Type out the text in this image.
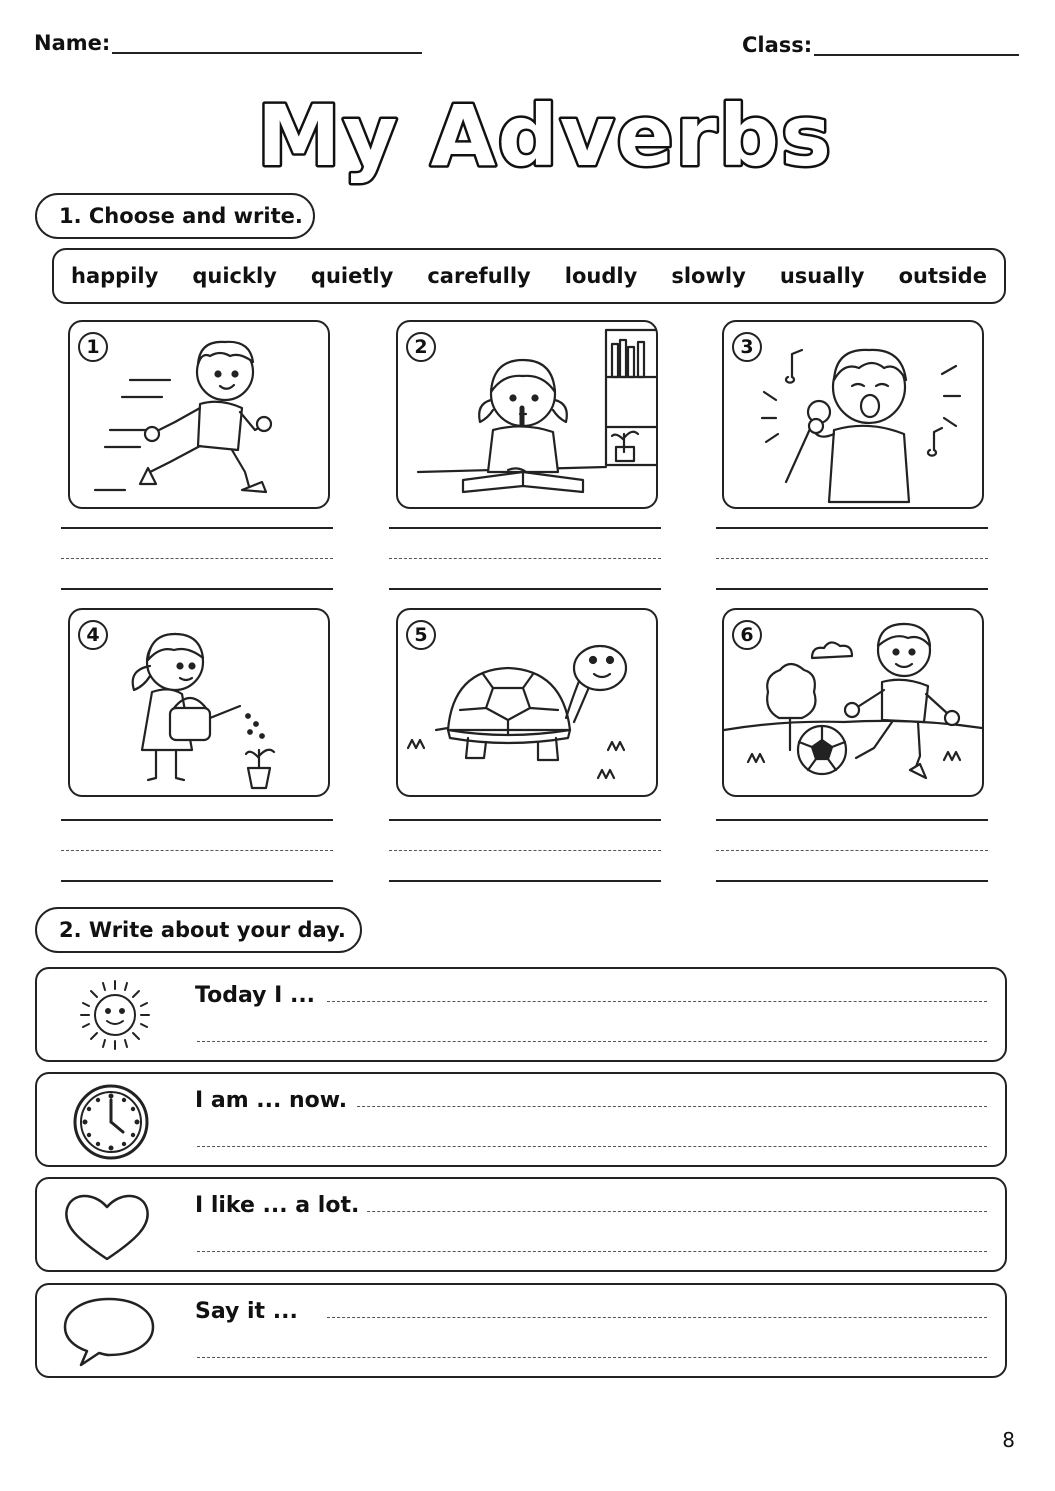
Name:	Class:
My Adverbs
1. Choose and write.
happily quickly quietly carefully loudly slowly usually outside
1	2	3
4	5	6
2. Write about your day.
Today I ...
I am ... now.
I like ... a lot.
Say it ...
8
